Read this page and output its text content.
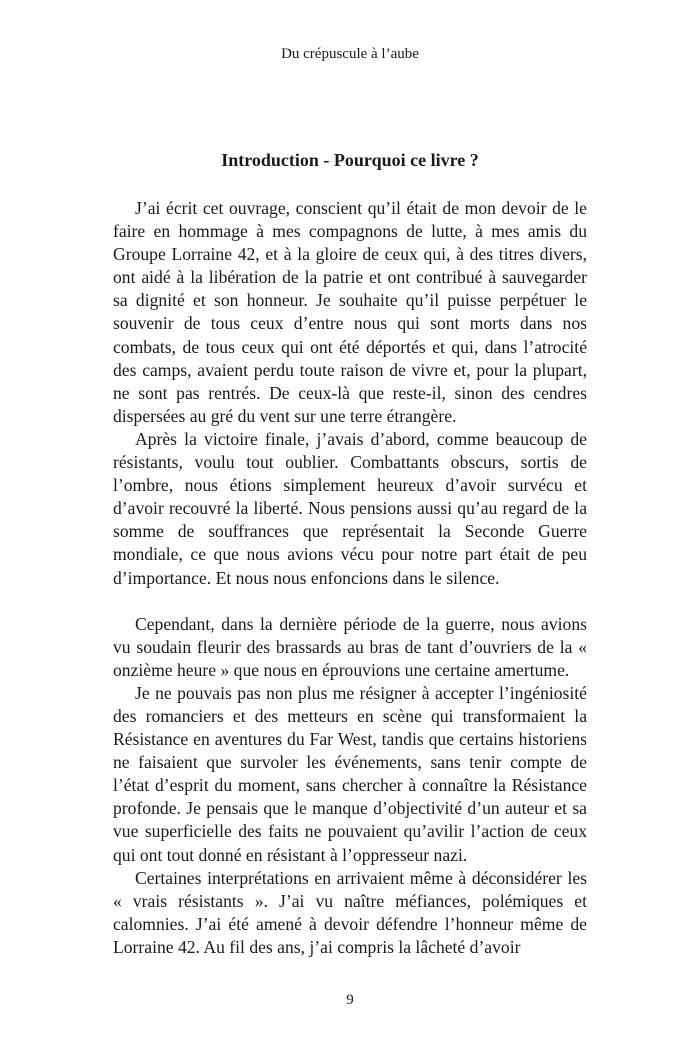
Du crépuscule à l’aube
Introduction - Pourquoi ce livre ?

J’ai écrit cet ouvrage, conscient qu’il était de mon devoir de le faire en hommage à mes compagnons de lutte, à mes amis du Groupe Lorraine 42, et à la gloire de ceux qui, à des titres divers, ont aidé à la libération de la patrie et ont contribué à sauvegarder sa dignité et son honneur. Je souhaite qu’il puisse perpétuer le souvenir de tous ceux d’entre nous qui sont morts dans nos combats, de tous ceux qui ont été déportés et qui, dans l’atrocité des camps, avaient perdu toute raison de vivre et, pour la plupart, ne sont pas rentrés. De ceux-là que reste-il, sinon des cendres dispersées au gré du vent sur une terre étrangère.

Après la victoire finale, j’avais d’abord, comme beaucoup de résistants, voulu tout oublier. Combattants obscurs, sortis de l’ombre, nous étions simplement heureux d’avoir survécu et d’avoir recouvré la liberté. Nous pensions aussi qu’au regard de la somme de souffrances que représentait la Seconde Guerre mondiale, ce que nous avions vécu pour notre part était de peu d’importance. Et nous nous enfoncions dans le silence.

Cependant, dans la dernière période de la guerre, nous avions vu soudain fleurir des brassards au bras de tant d’ouvriers de la « onzième heure » que nous en éprouvions une certaine amertume.

Je ne pouvais pas non plus me résigner à accepter l’ingéniosité des romanciers et des metteurs en scène qui transformaient la Résistance en aventures du Far West, tandis que certains historiens ne faisaient que survoler les événements, sans tenir compte de l’état d’esprit du moment, sans chercher à connaître la Résistance profonde. Je pensais que le manque d’objectivité d’un auteur et sa vue superficielle des faits ne pouvaient qu’avilir l’action de ceux qui ont tout donné en résistant à l’oppresseur nazi.

Certaines interprétations en arrivaient même à déconsidérer les « vrais résistants ». J’ai vu naître méfiances, polémiques et calomnies. J’ai été amené à devoir défendre l’honneur même de Lorraine 42. Au fil des ans, j’ai compris la lâcheté d’avoir

9
